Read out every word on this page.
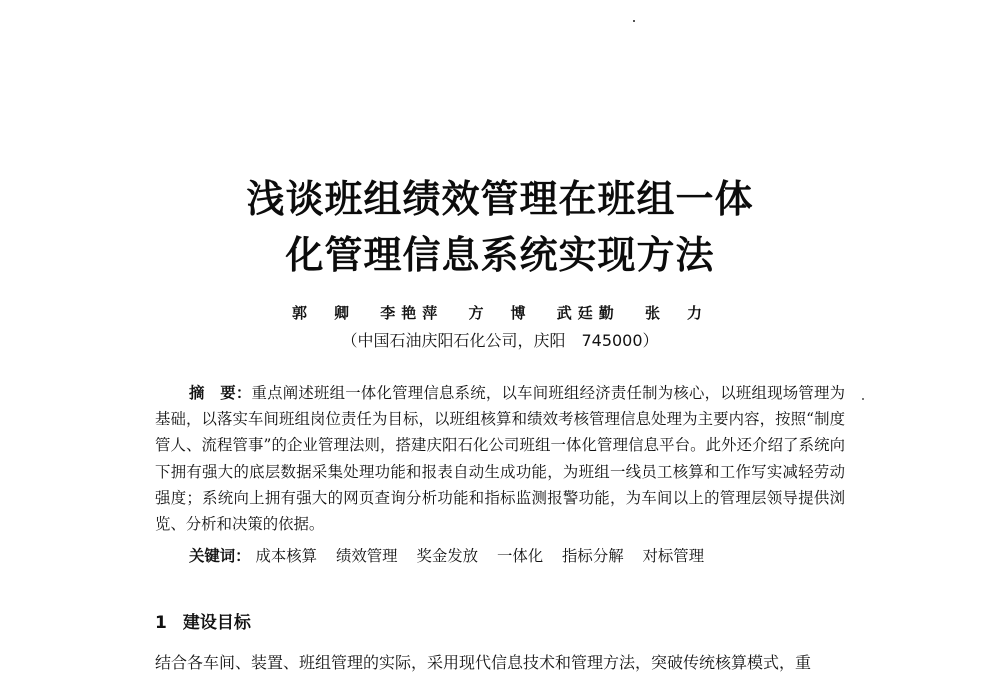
浅谈班组绩效管理在班组一体
化管理信息系统实现方法
郭　卿 李艳萍 方　博 武廷勤 张　力
（中国石油庆阳石化公司，庆阳　745000）
摘　要：重点阐述班组一体化管理信息系统，以车间班组经济责任制为核心，以班组现场管理为基础，以落实车间班组岗位责任为目标，以班组核算和绩效考核管理信息处理为主要内容，按照“制度管人、流程管事”的企业管理法则，搭建庆阳石化公司班组一体化管理信息平台。此外还介绍了系统向下拥有强大的底层数据采集处理功能和报表自动生成功能，为班组一线员工核算和工作写实减轻劳动强度；系统向上拥有强大的网页查询分析功能和指标监测报警功能，为车间以上的管理层领导提供浏览、分析和决策的依据。
关键词： 成本核算 绩效管理 奖金发放 一体化 指标分解 对标管理
1 建设目标
结合各车间、装置、班组管理的实际，采用现代信息技术和管理方法，突破传统核算模式，重
